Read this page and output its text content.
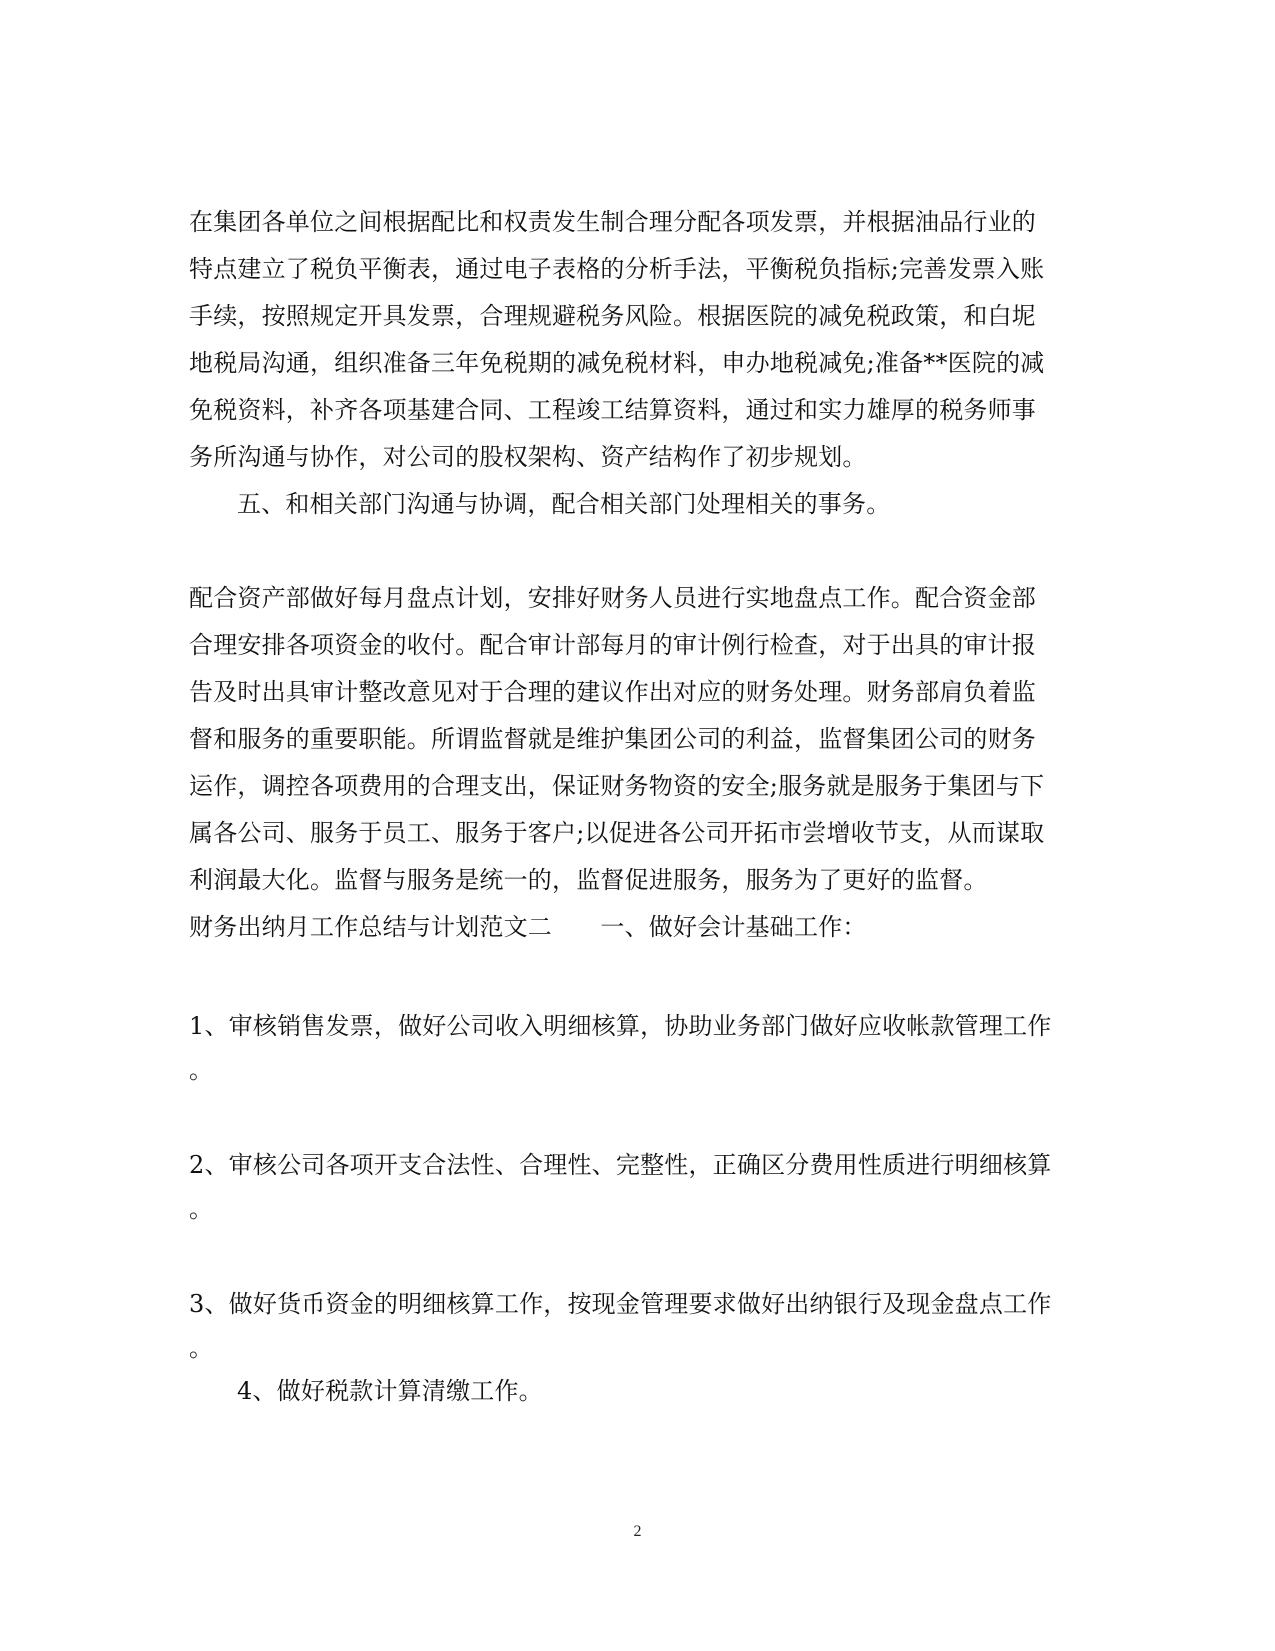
在集团各单位之间根据配比和权责发生制合理分配各项发票，并根据油品行业的
特点建立了税负平衡表，通过电子表格的分析手法，平衡税负指标;完善发票入账
手续，按照规定开具发票，合理规避税务风险。根据医院的减免税政策，和白坭
地税局沟通，组织准备三年免税期的减免税材料，申办地税减免;准备**医院的减
免税资料，补齐各项基建合同、工程竣工结算资料，通过和实力雄厚的税务师事
务所沟通与协作，对公司的股权架构、资产结构作了初步规划。
五、和相关部门沟通与协调，配合相关部门处理相关的事务。
配合资产部做好每月盘点计划，安排好财务人员进行实地盘点工作。配合资金部
合理安排各项资金的收付。配合审计部每月的审计例行检查，对于出具的审计报
告及时出具审计整改意见对于合理的建议作出对应的财务处理。财务部肩负着监
督和服务的重要职能。所谓监督就是维护集团公司的利益，监督集团公司的财务
运作，调控各项费用的合理支出，保证财务物资的安全;服务就是服务于集团与下
属各公司、服务于员工、服务于客户;以促进各公司开拓市尝增收节支，从而谋取
利润最大化。监督与服务是统一的，监督促进服务，服务为了更好的监督。
财务出纳月工作总结与计划范文二　　一、做好会计基础工作：
1、审核销售发票，做好公司收入明细核算，协助业务部门做好应收帐款管理工作
。
2、审核公司各项开支合法性、合理性、完整性，正确区分费用性质进行明细核算
。
3、做好货币资金的明细核算工作，按现金管理要求做好出纳银行及现金盘点工作
。
4、做好税款计算清缴工作。
2
